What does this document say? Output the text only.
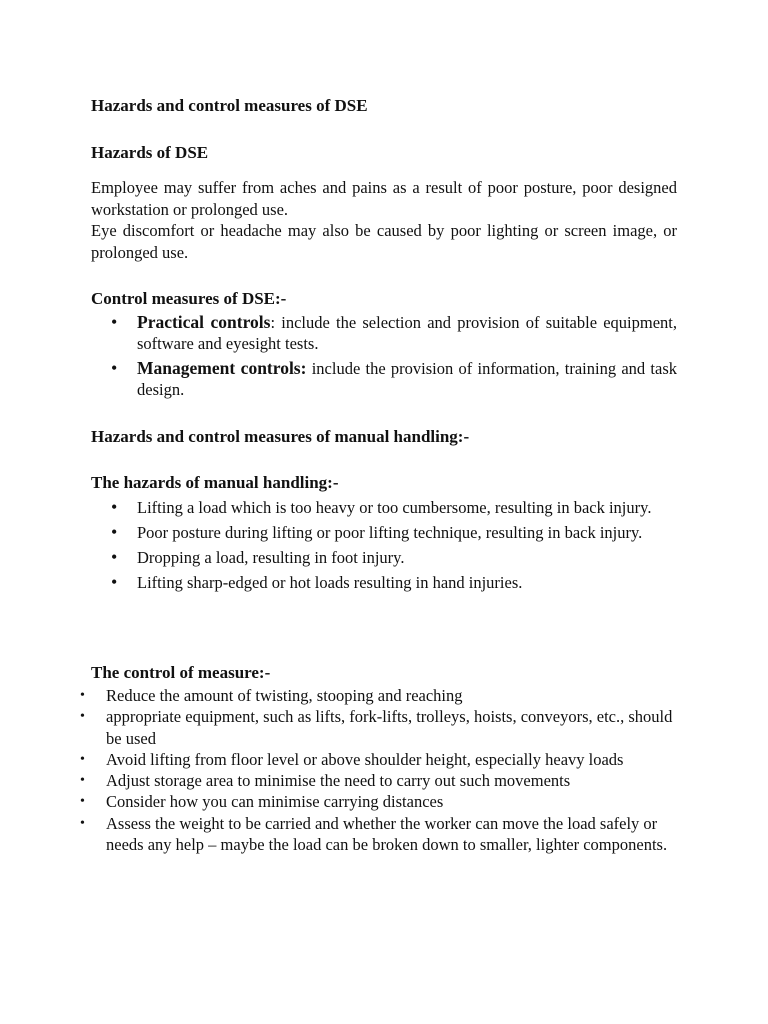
Hazards and control measures of DSE
Hazards of DSE
Employee may suffer from aches and pains as a result of poor posture, poor designed workstation or prolonged use.
Eye discomfort or headache may also be caused by poor lighting or screen image, or prolonged use.
Control measures of DSE:-
• Practical controls: include the selection and provision of suitable equipment, software and eyesight tests.
• Management controls: include the provision of information, training and task design.
Hazards and control measures of manual handling:-
The hazards of manual handling:-
• Lifting a load which is too heavy or too cumbersome, resulting in back injury.
• Poor posture during lifting or poor lifting technique, resulting in back injury.
• Dropping a load, resulting in foot injury.
• Lifting sharp-edged or hot loads resulting in hand injuries.
The control of measure:-
• Reduce the amount of twisting, stooping and reaching
• appropriate equipment, such as lifts, fork-lifts, trolleys, hoists, conveyors, etc., should be used
• Avoid lifting from floor level or above shoulder height, especially heavy loads
• Adjust storage area to minimise the need to carry out such movements
• Consider how you can minimise carrying distances
• Assess the weight to be carried and whether the worker can move the load safely or needs any help – maybe the load can be broken down to smaller, lighter components.
